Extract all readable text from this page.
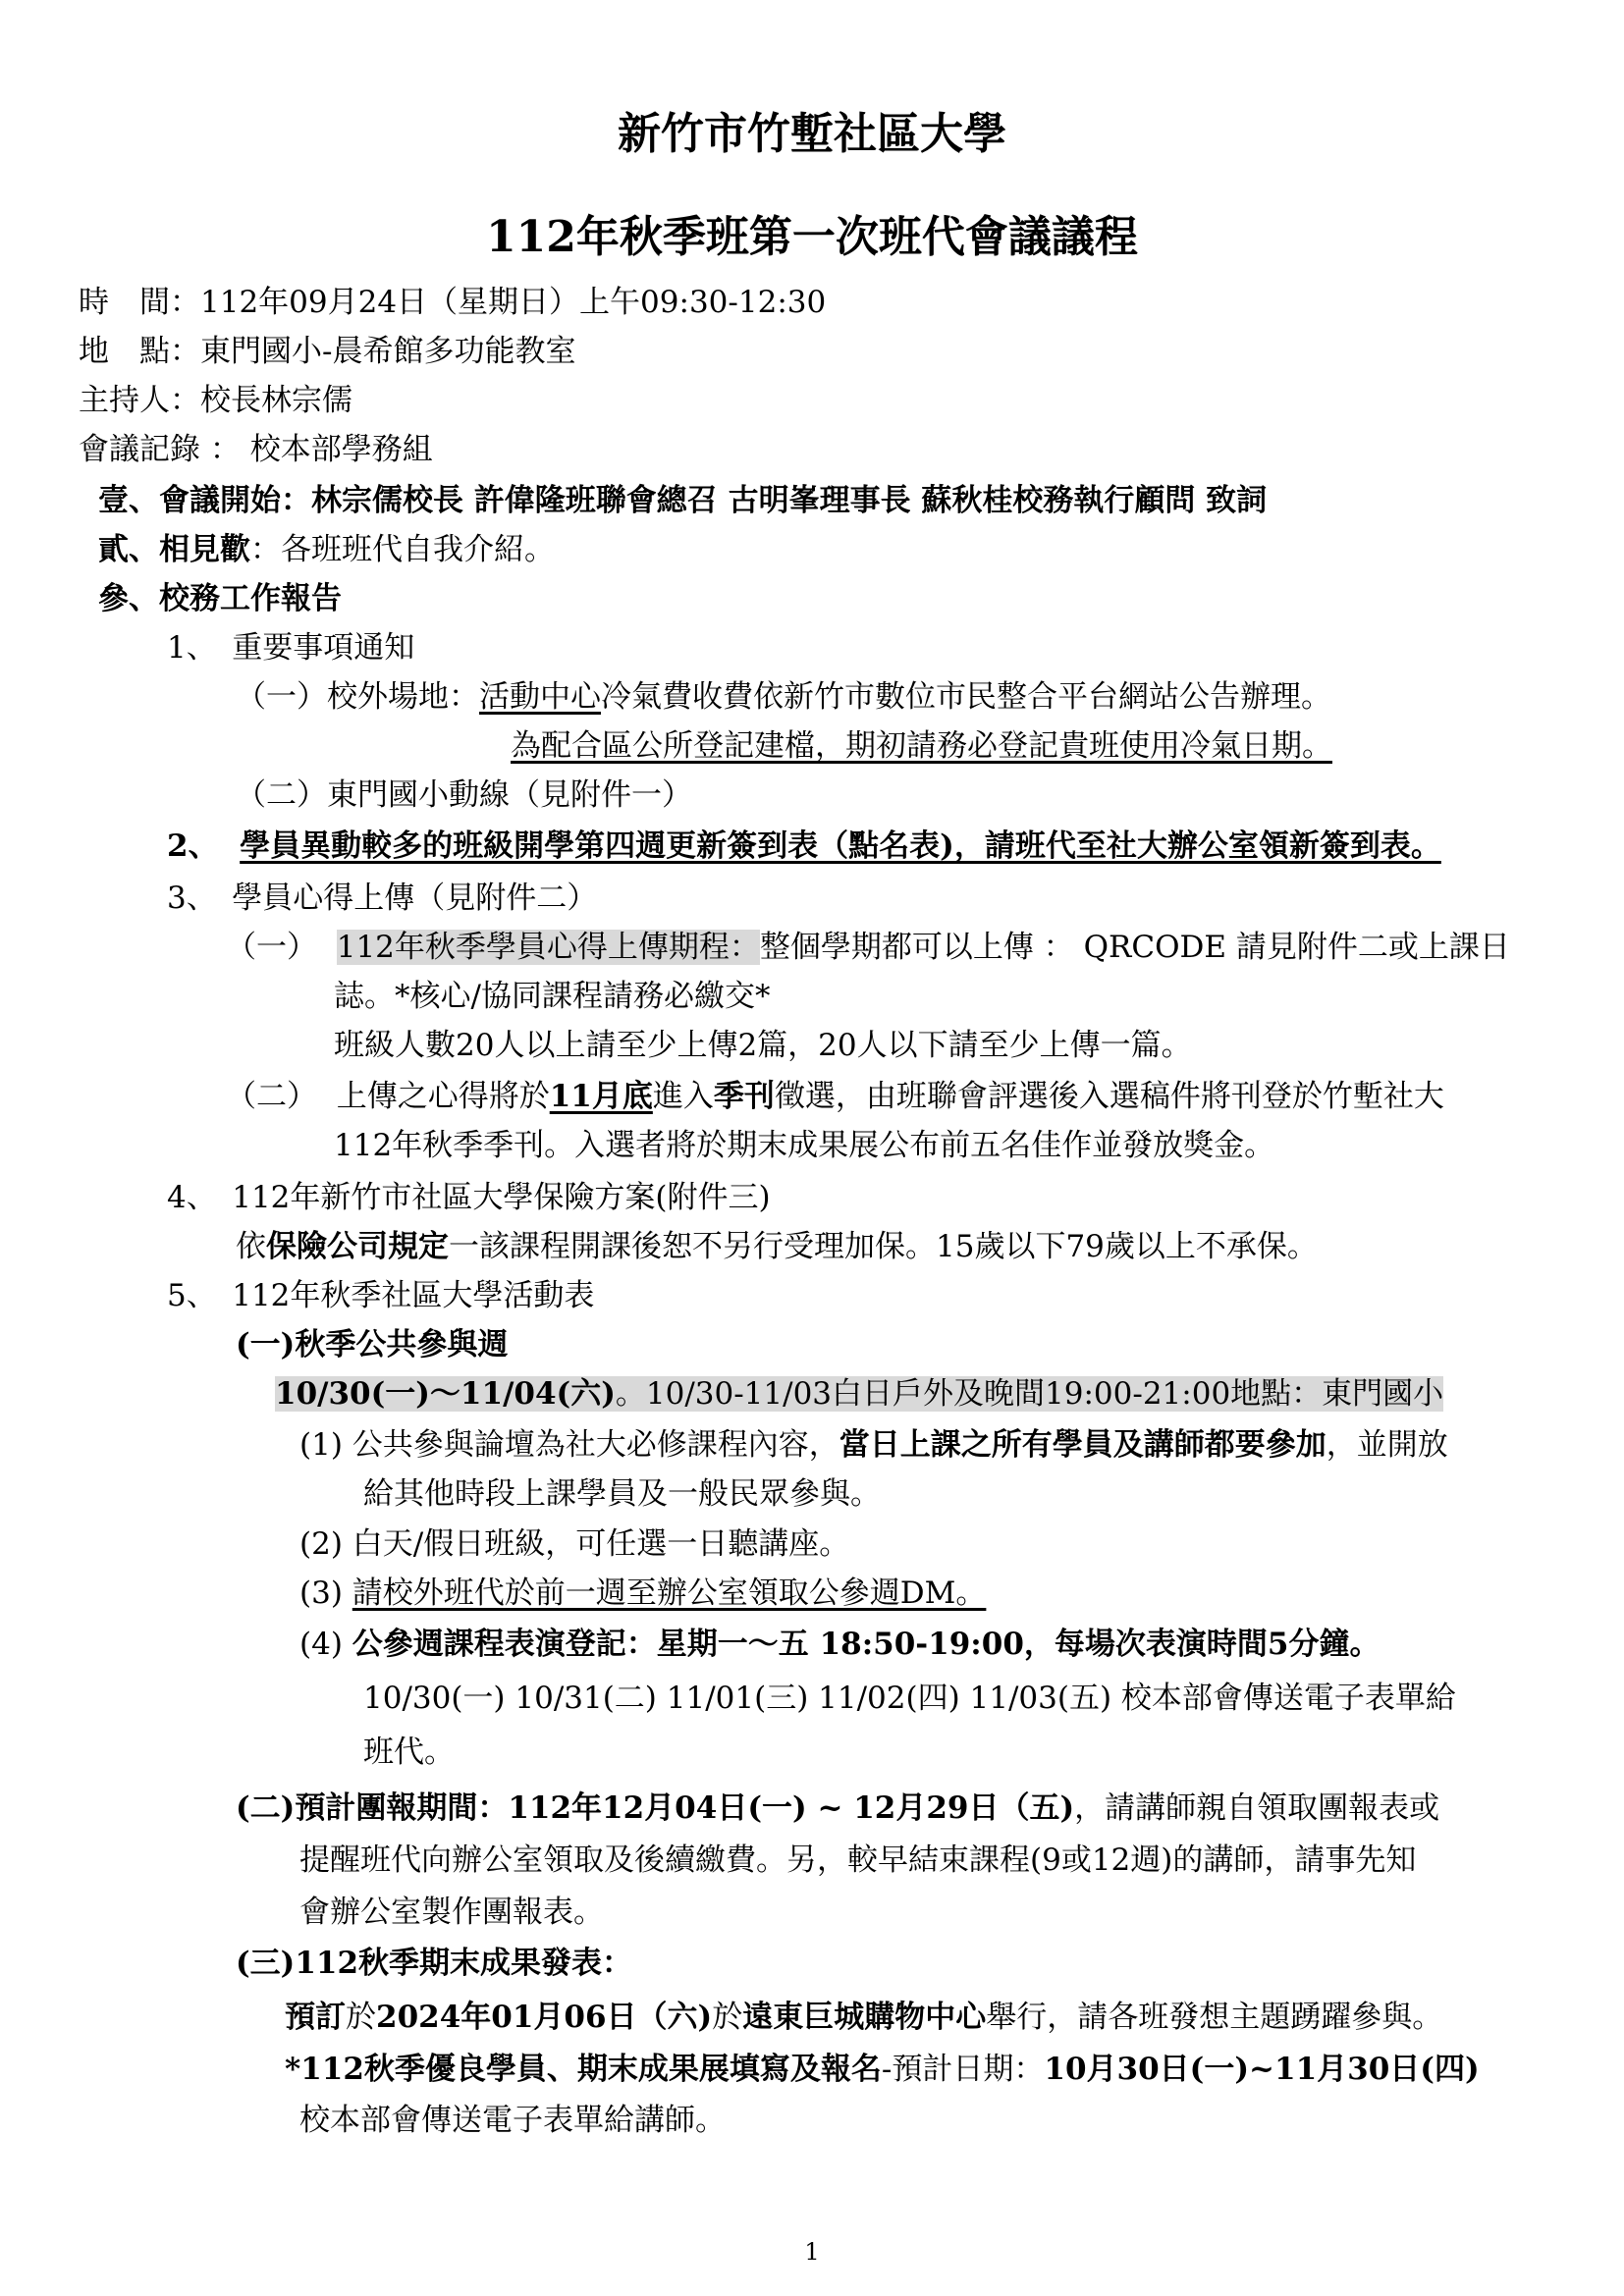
新竹市竹塹社區大學
112年秋季班第一次班代會議議程
時　間：112年09月24日（星期日）上午09:30-12:30
地　點：東門國小-晨希館多功能教室
主持人：校長林宗儒
會議記錄 ： 校本部學務組
壹、會議開始：林宗儒校長 許偉隆班聯會總召 古明峯理事長 蘇秋桂校務執行顧問 致詞
貳、相見歡：各班班代自我介紹。
參、校務工作報告
1、　重要事項通知
（一）校外場地：活動中心冷氣費收費依新竹市數位市民整合平台網站公告辦理。
為配合區公所登記建檔，期初請務必登記貴班使用冷氣日期。
（二）東門國小動線（見附件一）
2、 學員異動較多的班級開學第四週更新簽到表（點名表)，請班代至社大辦公室領新簽到表。
3、　學員心得上傳（見附件二）
（一） 112年秋季學員心得上傳期程：整個學期都可以上傳 ： QRCODE 請見附件二或上課日
誌。*核心/協同課程請務必繳交*
班級人數20人以上請至少上傳2篇，20人以下請至少上傳一篇。
（二） 上傳之心得將於11月底進入季刊徵選，由班聯會評選後入選稿件將刊登於竹塹社大
112年秋季季刊。入選者將於期末成果展公布前五名佳作並發放獎金。
4、　112年新竹市社區大學保險方案(附件三)
依保險公司規定一該課程開課後恕不另行受理加保。15歲以下79歲以上不承保。
5、　112年秋季社區大學活動表
(一)秋季公共參與週
10/30(一)～11/04(六)。10/30-11/03白日戶外及晚間19:00-21:00地點：東門國小
(1) 公共參與論壇為社大必修課程內容，當日上課之所有學員及講師都要參加，並開放
給其他時段上課學員及一般民眾參與。
(2) 白天/假日班級，可任選一日聽講座。
(3) 請校外班代於前一週至辦公室領取公參週DM。
(4) 公參週課程表演登記：星期一～五 18:50-19:00，每場次表演時間5分鐘。
10/30(一) 10/31(二) 11/01(三) 11/02(四) 11/03(五) 校本部會傳送電子表單給
班代。
(二)預計團報期間：112年12月04日(一) ~ 12月29日（五)，請講師親自領取團報表或
提醒班代向辦公室領取及後續繳費。另，較早結束課程(9或12週)的講師，請事先知
會辦公室製作團報表。
(三)112秋季期末成果發表：
預訂於2024年01月06日（六)於遠東巨城購物中心舉行，請各班發想主題踴躍參與。
*112秋季優良學員、期末成果展填寫及報名-預計日期：10月30日(一)~11月30日(四)
校本部會傳送電子表單給講師。
1
